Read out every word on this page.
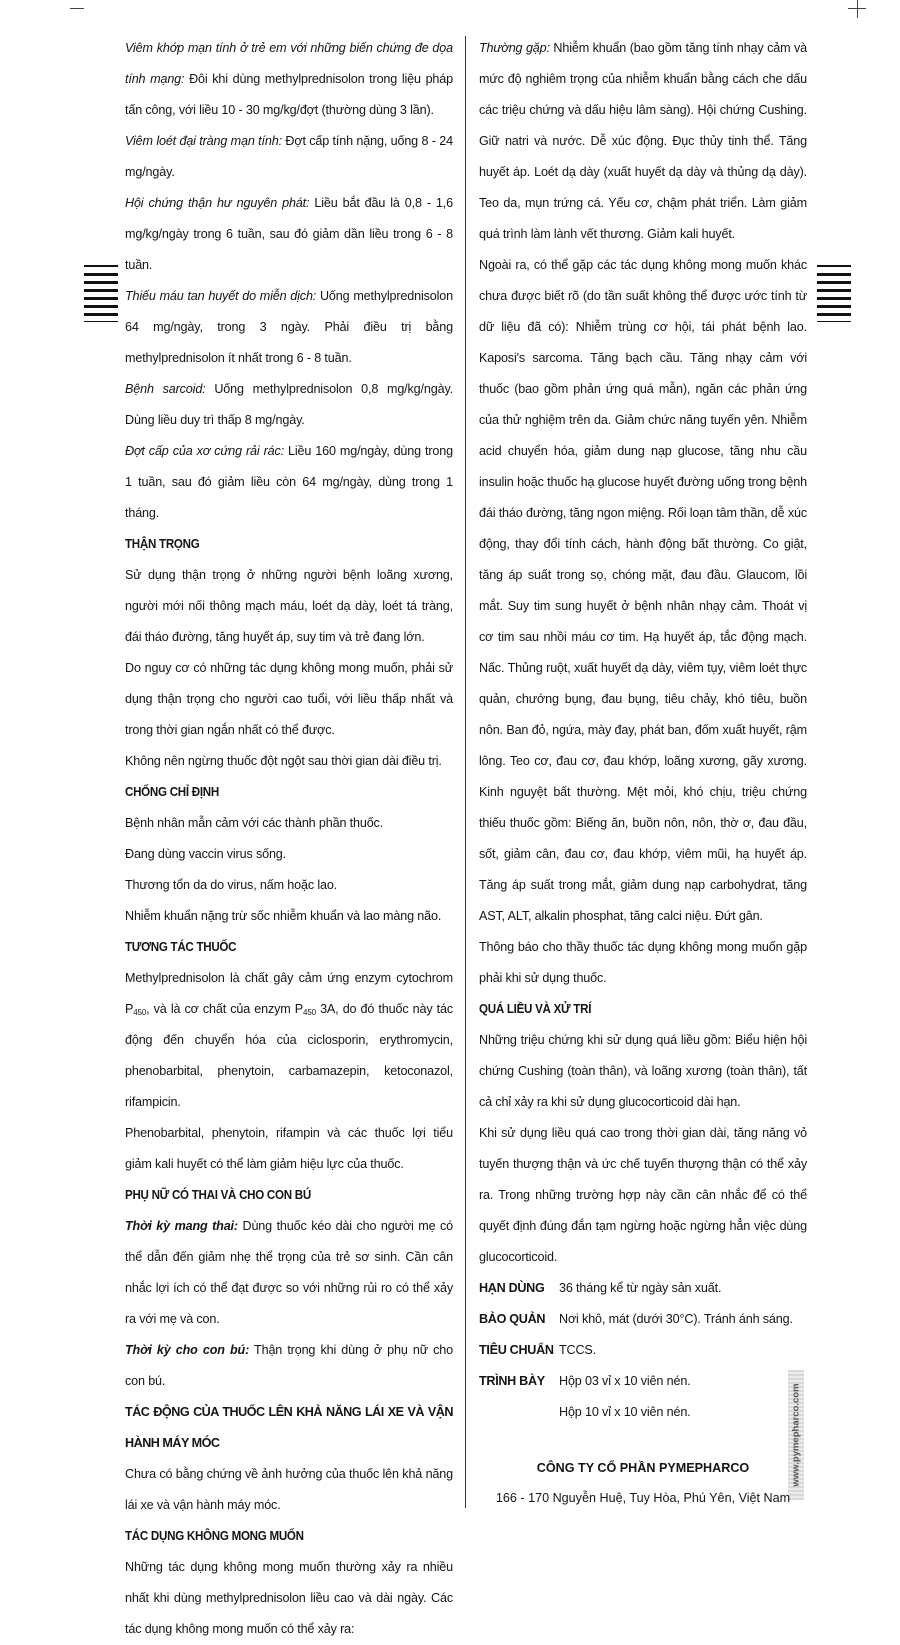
Viêm khớp mạn tính ở trẻ em với những biến chứng đe dọa tính mạng: Đôi khi dùng methylprednisolon trong liệu pháp tấn công, với liều 10 - 30 mg/kg/đợt (thường dùng 3 lần).

Viêm loét đại tràng mạn tính: Đợt cấp tính nặng, uống 8 - 24 mg/ngày.

Hội chứng thận hư nguyên phát: Liều bắt đầu là 0,8 - 1,6 mg/kg/ngày trong 6 tuần, sau đó giảm dần liều trong 6 - 8 tuần.

Thiếu máu tan huyết do miễn dịch: Uống methylprednisolon 64 mg/ngày, trong 3 ngày. Phải điều trị bằng methylprednisolon ít nhất trong 6 - 8 tuần.

Bệnh sarcoid: Uống methylprednisolon 0,8 mg/kg/ngày. Dùng liều duy trì thấp 8 mg/ngày.

Đợt cấp của xơ cứng rải rác: Liều 160 mg/ngày, dùng trong 1 tuần, sau đó giảm liều còn 64 mg/ngày, dùng trong 1 tháng.

THẬN TRỌNG

Sử dụng thận trọng ở những người bệnh loãng xương, người mới nối thông mạch máu, loét dạ dày, loét tá tràng, đái tháo đường, tăng huyết áp, suy tim và trẻ đang lớn.

Do nguy cơ có những tác dụng không mong muốn, phải sử dụng thận trọng cho người cao tuổi, với liều thấp nhất và trong thời gian ngắn nhất có thể được.

Không nên ngừng thuốc đột ngột sau thời gian dài điều trị.

CHỐNG CHỈ ĐỊNH

Bệnh nhân mẫn cảm với các thành phần thuốc.

Đang dùng vaccin virus sống.

Thương tổn da do virus, nấm hoặc lao.

Nhiễm khuẩn nặng trừ sốc nhiễm khuẩn và lao màng não.

TƯƠNG TÁC THUỐC

Methylprednisolon là chất gây cảm ứng enzym cytochrom $P_{450}$, và là cơ chất của enzym $P_{450}$ 3A, do đó thuốc này tác động đến chuyển hóa của ciclosporin, erythromycin, phenobarbital, phenytoin, carbamazepin, ketoconazol, rifampicin.

Phenobarbital, phenytoin, rifampin và các thuốc lợi tiểu giảm kali huyết có thể làm giảm hiệu lực của thuốc.

PHỤ NỮ CÓ THAI VÀ CHO CON BÚ

Thời kỳ mang thai: Dùng thuốc kéo dài cho người mẹ có thể dẫn đến giảm nhẹ thể trọng của trẻ sơ sinh. Cần cân nhắc lợi ích có thể đạt được so với những rủi ro có thể xảy ra với mẹ và con.

Thời kỳ cho con bú: Thận trọng khi dùng ở phụ nữ cho con bú.

TÁC ĐỘNG CỦA THUỐC LÊN KHẢ NĂNG LÁI XE VÀ VẬN HÀNH MÁY MÓC

Chưa có bằng chứng về ảnh hưởng của thuốc lên khả năng lái xe và vận hành máy móc.

TÁC DỤNG KHÔNG MONG MUỐN

Những tác dụng không mong muốn thường xảy ra nhiều nhất khi dùng methylprednisolon liều cao và dài ngày. Các tác dụng không mong muốn có thể xảy ra:

Thường gặp: Nhiễm khuẩn (bao gồm tăng tính nhạy cảm và mức độ nghiêm trọng của nhiễm khuẩn bằng cách che dấu các triệu chứng và dấu hiệu lâm sàng). Hội chứng Cushing. Giữ natri và nước. Dễ xúc động. Đục thủy tinh thể. Tăng huyết áp. Loét dạ dày (xuất huyết dạ dày và thủng dạ dày). Teo da, mụn trứng cá. Yếu cơ, chậm phát triển. Làm giảm quá trình làm lành vết thương. Giảm kali huyết.

Ngoài ra, có thể gặp các tác dụng không mong muốn khác chưa được biết rõ (do tần suất không thể được ước tính từ dữ liệu đã có): Nhiễm trùng cơ hội, tái phát bệnh lao. Kaposi's sarcoma. Tăng bạch cầu. Tăng nhạy cảm với thuốc (bao gồm phản ứng quá mẫn), ngăn các phản ứng của thử nghiệm trên da. Giảm chức năng tuyến yên. Nhiễm acid chuyển hóa, giảm dung nạp glucose, tăng nhu cầu insulin hoặc thuốc hạ glucose huyết đường uống trong bệnh đái tháo đường, tăng ngon miệng. Rối loạn tâm thần, dễ xúc động, thay đổi tính cách, hành động bất thường. Co giật, tăng áp suất trong sọ, chóng mặt, đau đầu. Glaucom, lồi mắt. Suy tim sung huyết ở bệnh nhân nhạy cảm. Thoát vị cơ tim sau nhồi máu cơ tim. Hạ huyết áp, tắc động mạch. Nấc. Thủng ruột, xuất huyết dạ dày, viêm tụy, viêm loét thực quản, chướng bụng, đau bụng, tiêu chảy, khó tiêu, buồn nôn. Ban đỏ, ngứa, mày đay, phát ban, đốm xuất huyết, rậm lông. Teo cơ, đau cơ, đau khớp, loãng xương, gãy xương. Kinh nguyệt bất thường. Mệt mỏi, khó chịu, triệu chứng thiếu thuốc gồm: Biếng ăn, buồn nôn, nôn, thờ ơ, đau đầu, sốt, giảm cân, đau cơ, đau khớp, viêm mũi, hạ huyết áp. Tăng áp suất trong mắt, giảm dung nạp carbohydrat, tăng AST, ALT, alkalin phosphat, tăng calci niệu. Đứt gân.

Thông báo cho thầy thuốc tác dụng không mong muốn gặp phải khi sử dụng thuốc.

QUÁ LIỀU VÀ XỬ TRÍ

Những triệu chứng khi sử dụng quá liều gồm: Biểu hiện hội chứng Cushing (toàn thân), và loãng xương (toàn thân), tất cả chỉ xảy ra khi sử dụng glucocorticoid dài hạn.

Khi sử dụng liều quá cao trong thời gian dài, tăng năng vỏ tuyến thượng thận và ức chế tuyến thượng thận có thể xảy ra. Trong những trường hợp này cần cân nhắc để có thể quyết định đúng đắn tạm ngừng hoặc ngừng hẳn việc dùng glucocorticoid.

HẠN DÙNG	36 tháng kể từ ngày sản xuất.
BẢO QUẢN	Nơi khô, mát (dưới 30°C). Tránh ánh sáng.
TIÊU CHUẨN TCCS.
TRÌNH BÀY	Hộp 03 vỉ x 10 viên nén.
Hộp 10 vỉ x 10 viên nén.	www.pymepharco.com
CÔNG TY CỔ PHẦN PYMEPHARCO
166 - 170 Nguyễn Huệ, Tuy Hòa, Phú Yên, Việt Nam
